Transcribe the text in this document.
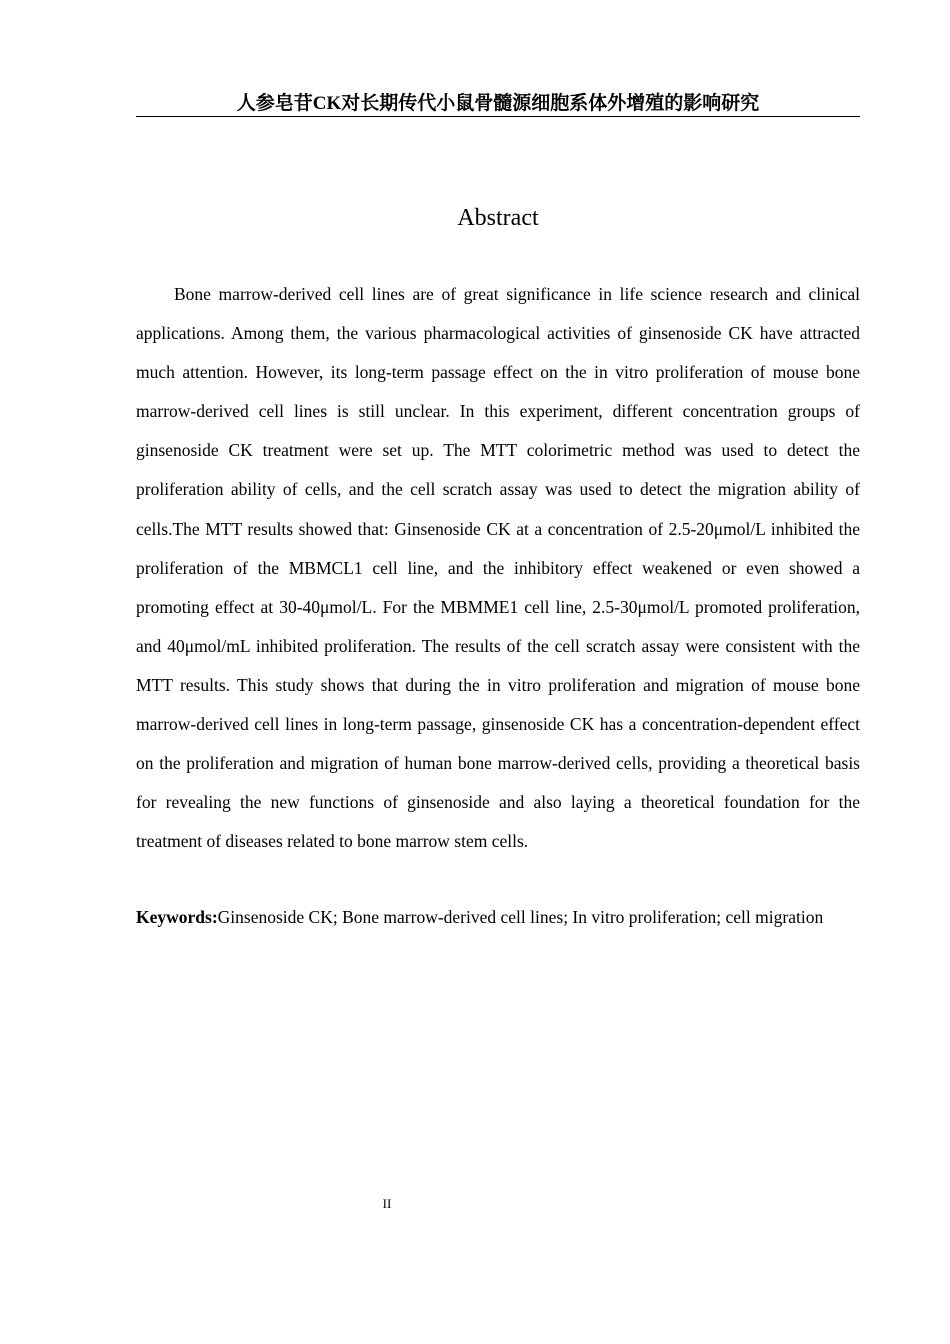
人参皂苷CK对长期传代小鼠骨髓源细胞系体外增殖的影响研究
Abstract

Bone marrow-derived cell lines are of great significance in life science research and clinical applications. Among them, the various pharmacological activities of ginsenoside CK have attracted much attention. However, its long-term passage effect on the in vitro proliferation of mouse bone marrow-derived cell lines is still unclear. In this experiment, different concentration groups of ginsenoside CK treatment were set up. The MTT colorimetric method was used to detect the proliferation ability of cells, and the cell scratch assay was used to detect the migration ability of cells.The MTT results showed that: Ginsenoside CK at a concentration of 2.5-20μmol/L inhibited the proliferation of the MBMCL1 cell line, and the inhibitory effect weakened or even showed a promoting effect at 30-40μmol/L. For the MBMME1 cell line, 2.5-30μmol/L promoted proliferation, and 40μmol/mL inhibited proliferation. The results of the cell scratch assay were consistent with the MTT results. This study shows that during the in vitro proliferation and migration of mouse bone marrow-derived cell lines in long-term passage, ginsenoside CK has a concentration-dependent effect on the proliferation and migration of human bone marrow-derived cells, providing a theoretical basis for revealing the new functions of ginsenoside and also laying a theoretical foundation for the treatment of diseases related to bone marrow stem cells.

Keywords:Ginsenoside CK; Bone marrow-derived cell lines; In vitro proliferation; cell migration

II
